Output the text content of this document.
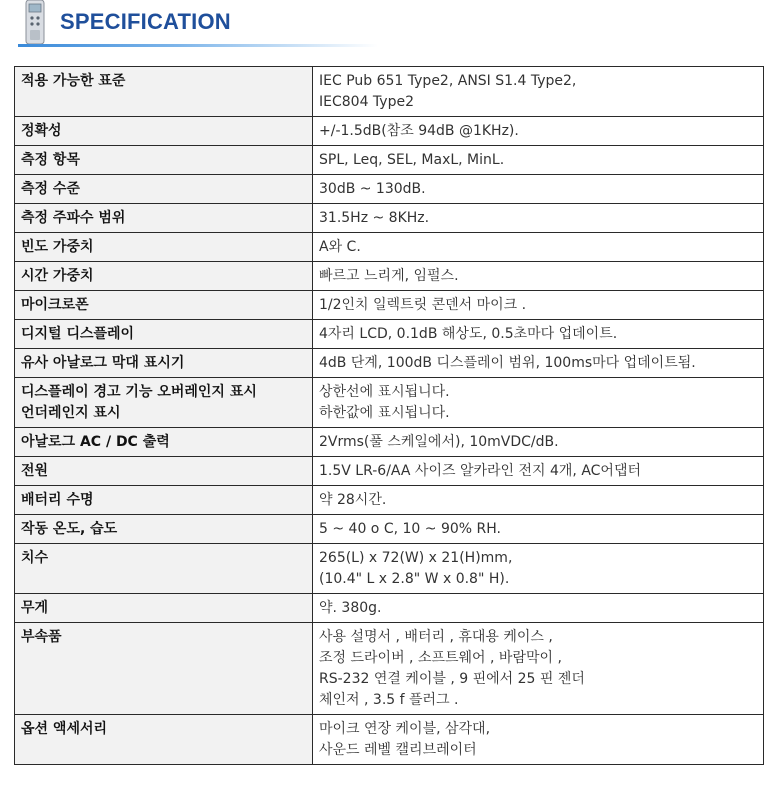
SPECIFICATION
적용 가능한 표준	IEC Pub 651 Type2, ANSI S1.4 Type2,
IEC804 Type2

정확성	+/-1.5dB(참조 94dB @1KHz).

측정 항목	SPL, Leq, SEL, MaxL, MinL.

측정 수준	30dB ~ 130dB.

측정 주파수 범위	31.5Hz ~ 8KHz.

빈도 가중치	A와 C.

시간 가중치	빠르고 느리게, 임펄스.

마이크로폰	1/2인치 일렉트릿 콘덴서 마이크 .

디지털 디스플레이	4자리 LCD, 0.1dB 해상도, 0.5초마다 업데이트.

유사 아날로그 막대 표시기	4dB 단계, 100dB 디스플레이 범위, 100ms마다 업데이트됨.

디스플레이 경고 기능 오버레인지 표시
언더레인지 표시	상한선에 표시됩니다.
하한값에 표시됩니다.

아날로그 AC / DC 출력	2Vrms(풀 스케일에서), 10mVDC/dB.

전원	1.5V LR-6/AA 사이즈 알카라인 전지 4개, AC어댑터

배터리 수명	약 28시간.

작동 온도, 습도	5 ~ 40 o C, 10 ~ 90% RH.

치수	265(L) x 72(W) x 21(H)mm,
(10.4" L x 2.8" W x 0.8" H).

무게	약. 380g.

부속품	사용 설명서 , 배터리 , 휴대용 케이스 ,
조정 드라이버 , 소프트웨어 , 바람막이 ,
RS-232 연결 케이블 , 9 핀에서 25 핀 젠더
체인저 , 3.5 f 플러그 .

옵션 액세서리	마이크 연장 케이블, 삼각대,
사운드 레벨 캘리브레이터
